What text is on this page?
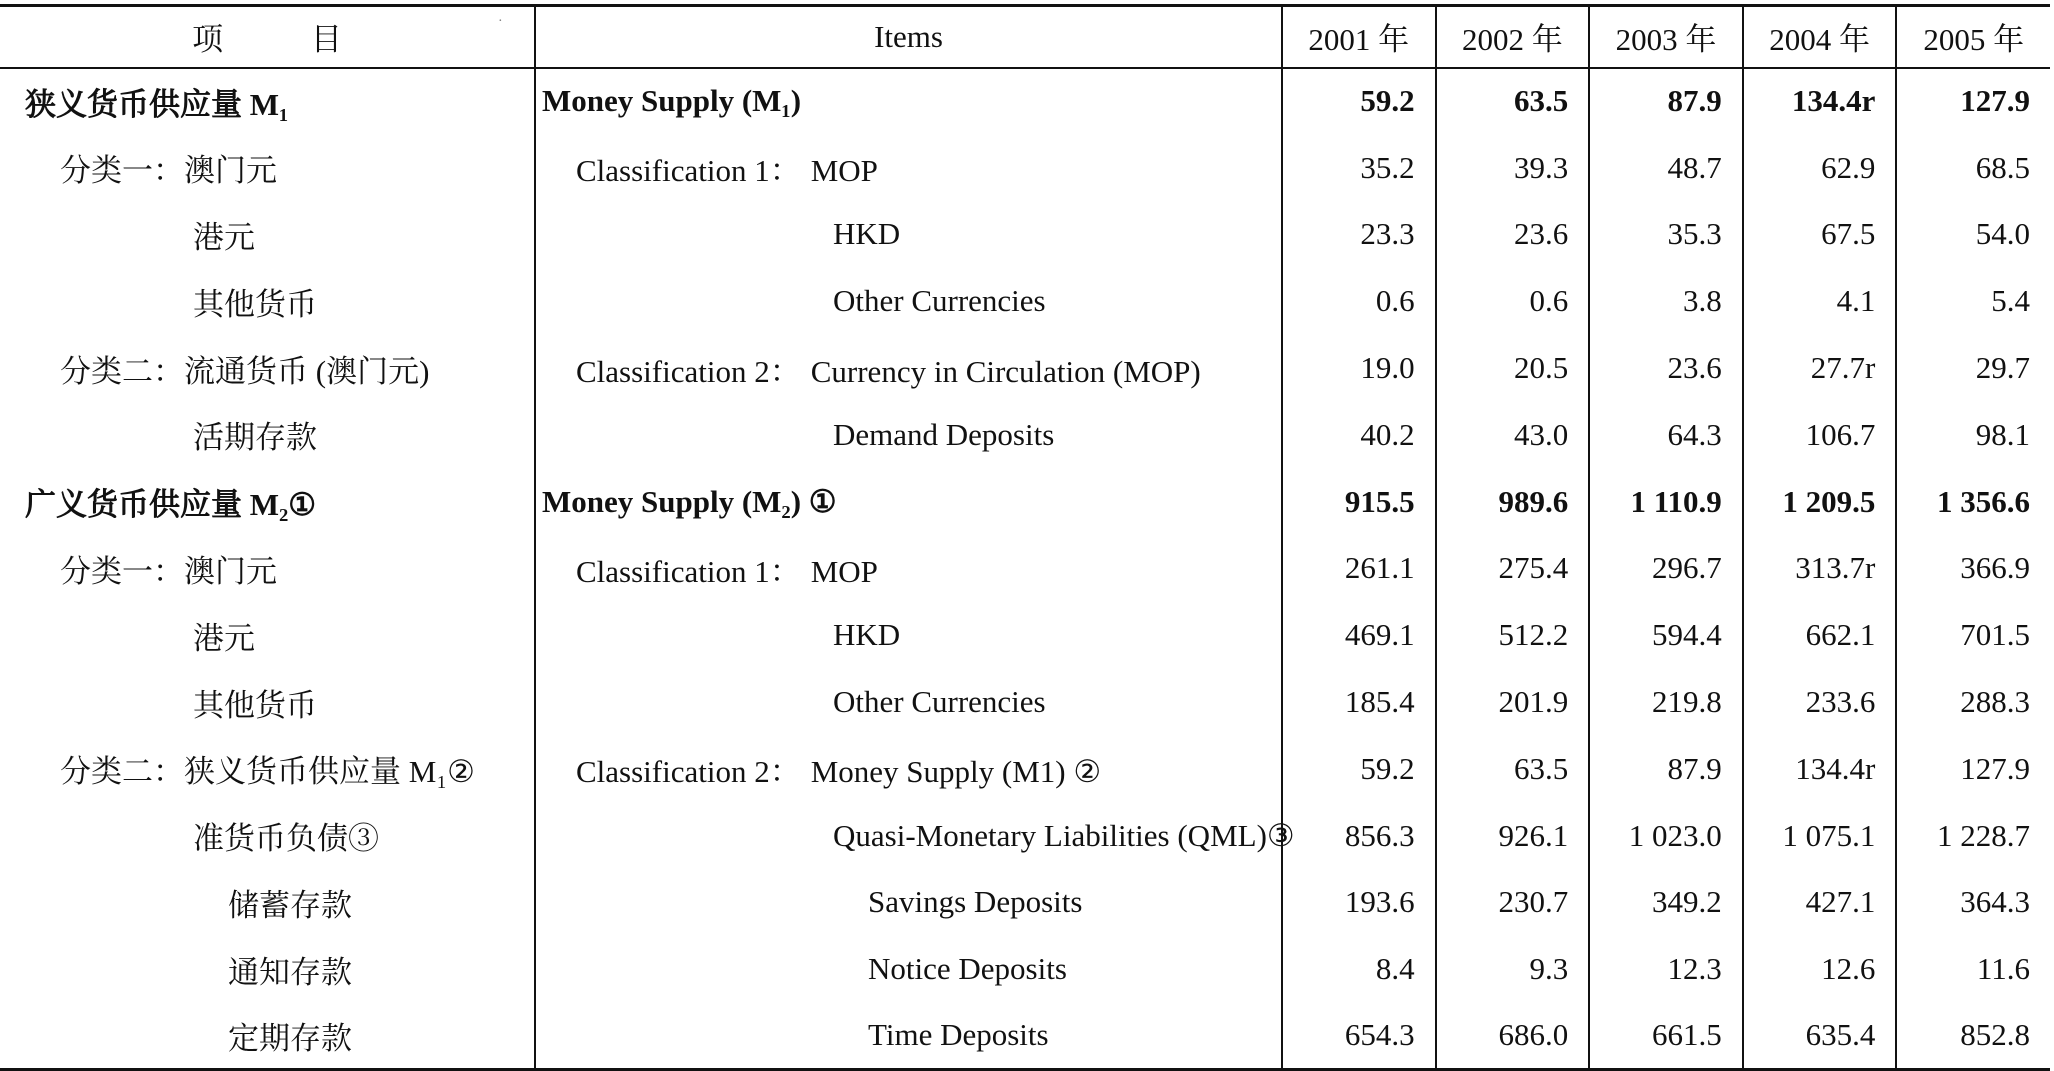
项 目	Items	2001 年	2002 年	2003 年	2004 年	2005 年
狭义货币供应量 M₁	Money Supply (M₁)	59.2	63.5	87.9	134.4r	127.9
分类一：澳门元	Classification 1： MOP	35.2	39.3	48.7	62.9	68.5
港元	HKD	23.3	23.6	35.3	67.5	54.0
其他货币	Other Currencies	0.6	0.6	3.8	4.1	5.4
分类二：流通货币 (澳门元)	Classification 2： Currency in Circulation (MOP)	19.0	20.5	23.6	27.7r	29.7
活期存款	Demand Deposits	40.2	43.0	64.3	106.7	98.1
广义货币供应量 M₂①	Money Supply (M₂) ①	915.5	989.6	1 110.9	1 209.5	1 356.6
分类一：澳门元	Classification 1： MOP	261.1	275.4	296.7	313.7r	366.9
港元	HKD	469.1	512.2	594.4	662.1	701.5
其他货币	Other Currencies	185.4	201.9	219.8	233.6	288.3
分类二：狭义货币供应量 M₁②	Classification 2： Money Supply (M1) ②	59.2	63.5	87.9	134.4r	127.9
准货币负债③	Quasi-Monetary Liabilities (QML)③	856.3	926.1	1 023.0	1 075.1	1 228.7
储蓄存款	Savings Deposits	193.6	230.7	349.2	427.1	364.3
通知存款	Notice Deposits	8.4	9.3	12.3	12.6	11.6
定期存款	Time Deposits	654.3	686.0	661.5	635.4	852.8
·
